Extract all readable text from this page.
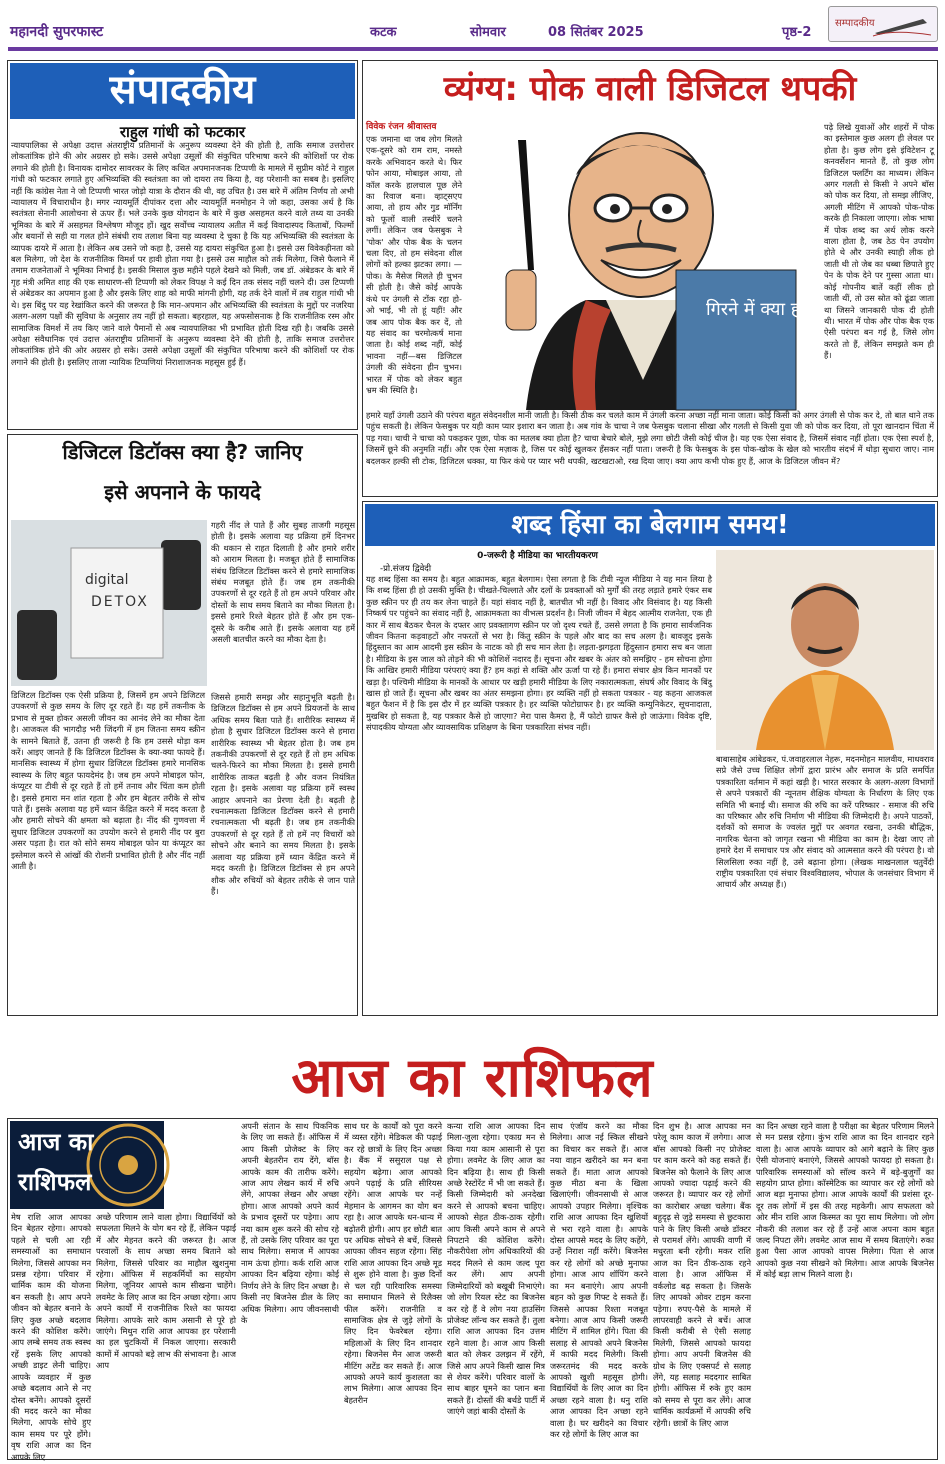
महानदी सुपरफास्ट	कटक	सोमवार	08 सितंबर 2025	पृष्ठ-2
सम्पादकीय
संपादकीय
राहुल गांधी को फटकार
न्यायपालिका से अपेक्षा उदात्त अंतराष्ट्रीय प्रतिमानों के अनुरूप व्यवस्था देने की होती है, ताकि समाज उत्तरोत्तर लोकतांत्रिक होने की ओर अग्रसर हो सके। उससे अपेक्षा उसूलों की संकुचित परिभाषा करने की कोशिशों पर रोक लगाने की होती है। विनायक दामोदर सावरकर के लिए कथित अपमानजनक टिप्पणी के मामले में सुप्रीम कोर्ट ने राहुल गांधी को फटकार लगाते हुए अभिव्यक्ति की स्वतंत्रता का जो दायरा तय किया है, वह परेशानी का सबब है। इसलिए नहीं कि कांग्रेस नेता ने जो टिप्पणी भारत जोड़ो यात्रा के दौरान की थी, वह उचित है। उस बारे में अंतिम निर्णय तो अभी न्यायालय में विचाराधीन है। मगर न्यायमूर्ति दीपांकर दत्ता और न्यायमूर्ति मनमोहन ने जो कहा, उसका अर्थ है कि स्वतंत्रता सेनानी आलोचना से ऊपर हैं। भले उनके कुछ योगदान के बारे में कुछ असहमत करने वाले तथ्य या उनकी भूमिका के बारे में असहमत विश्लेषण मौजूद हों। खुद सर्वोच्च न्यायालय अतीत में कई विवादास्पद किताबों, फिल्मों और बयानों से सही या गलत होने संबंधी राय तलाश बिना यह व्यवस्था दे चुका है कि यह अभिव्यक्ति की स्वतंत्रता के व्यापक दायरे में आता है। लेकिन अब उसने जो कहा है, उससे यह दायरा संकुचित हुआ है। इससे उस विवेकहीनता को बल मिलेगा, जो देश के राजनीतिक विमर्श पर हावी होता गया है। इससे उस माहौल को तर्क मिलेगा, जिसे फैलाने में तमाम राजनेताओं ने भूमिका निभाई है। इसकी मिसाल कुछ महीने पहले देखने को मिली, जब डॉ. अंबेडकर के बारे में गृह मंत्री अमित शाह की एक साधारण-सी टिप्पणी को लेकर विपक्ष ने कई दिन तक संसद नहीं चलने दी। उस टिप्पणी से अंबेडकर का अपमान हुआ है और इसके लिए शाह को माफी मांगनी होगी, यह तर्क देने वालों में तब राहुल गांधी भी थे। इस बिंदु पर यह रेखांकित करने की जरूरत है कि मान-अपमान और अभिव्यक्ति की स्वतंत्रता के मुद्दों पर नजरिया अलग-अलग पक्षों की सुविधा के अनुसार तय नहीं हो सकता। बहरहाल, यह अफसोसनाक है कि राजनीतिक रस्म और सामाजिक विमर्श में तय किए जाने वाले पैमानों से अब न्यायपालिका भी प्रभावित होती दिख रही है। जबकि उससे अपेक्षा संवैधानिक एवं उदात्त अंतराष्ट्रीय प्रतिमानों के अनुरूप व्यवस्था देने की होती है, ताकि समाज उत्तरोत्तर लोकतांत्रिक होने की ओर अग्रसर हो सके। उससे अपेक्षा उसूलों की संकुचित परिभाषा करने की कोशिशों पर रोक लगाने की होती है। इसलिए ताजा न्यायिक टिप्पणियां निराशाजनक महसूस हुई हैं।
व्यंग्य: पोक वाली डिजिटल थपकी
विवेक रंजन श्रीवास्तव
एक जमाना था जब लोग मिलते एक-दूसरे को राम राम, नमस्ते करके अभिवादन करते थे। फिर फोन आया, मोबाइल आया, तो कॉल करके हालचाल पूछ लेने का रिवाज बना। व्हाट्सएप आया, तो हाय और गुड मॉर्निंग को फूलों वाली तस्वीरें चलने लगीं। लेकिन जब फेसबुक ने 'पोक' और पोक बैक के चलन चला दिए, तो हम संवेदना शील लोगों को हल्का झटका लगा। —पोक। के मैसेज मिलते ही चुभन सी होती है। जैसे कोई आपके कंधे पर उंगली से टोंक रहा हो- ओ भाई, भी तो हूं यहीं! और जब आप पोक बैक कर दें, तो यह संवाद का चरमोत्कर्ष माना जाता है। कोई शब्द नहीं, कोई भावना नहीं—बस डिजिटल उंगली की संवेदना हीन चुभन। भारत में पोक को लेकर बहुत भ्रम की स्थिति है।
गिरने में क्या हर्ज़ है
पढ़े लिखे युवाओं और शहरों में पोक का इस्तेमाल कुछ अलग ही लेवल पर होता है। कुछ लोग इसे इंविटेशन टू कनवर्सेशन मानते हैं, तो कुछ लोग डिजिटल फ्लर्टिंग का माध्यम। लेकिन अगर गलती से किसी ने अपने बॉस को पोक कर दिया, तो समझ लीजिए, अगली मीटिंग में आपको पोक-पोक करके ही निकाला जाएगा। लोक भाषा में पोक शब्द का अर्थ लोक करने वाला होता है, जब ठेठ पेन उपयोग होते थे और उनकी स्याही लीक हो जाती थी तो जेब का धब्बा छिपाते हुए पेन के पोक देने पर गुस्सा आता था। कोई गोपनीय बातें कहीं लीक हो जाती थीं, तो उस स्रोत को ढूंढा जाता था जिसने जानकारी पोक दी होती थी। भारत में पोक और पोक बैक एक ऐसी परंपरा बन गई है, जिसे लोग करते तो हैं, लेकिन समझते कम ही हैं।
हमारे यहाँ उंगली उठाने की परंपरा बहुत संवेदनशील मानी जाती है। किसी ठीक कर चलते काम में उंगली करना अच्छा नहीं माना जाता। कोई किसी को अगर उंगली से पोक कर दे, तो बात थाने तक पहुंच सकती है। लेकिन फेसबुक पर यही काम प्यार इशारा बन जाता है। अब गांव के चाचा ने जब फेसबुक चलाना सीखा और गलती से किसी युवा जी को पोक कर दिया, तो पूरा खानदान चिंता में पड़ गया। चाची ने चाचा को पकड़कर पूछा, पोक का मतलब क्या होता है? चाचा बेचारे बोले, मुझे लगा छोटी जैसी कोई चीज है। यह एक ऐसा संवाद है, जिसमें संवाद नहीं होता। एक ऐसा स्पर्श है, जिसमें छूने की अनुमति नहीं। और एक ऐसा मज़ाक है, जिस पर कोई खुलकर हँसकर नहीं पाता। जरूरी है कि फेसबुक के इस पोक-खोक के खेल को भारतीय संदर्भ में थोड़ा सुधारा जाए। नाम बदलकर हल्की सी टोक, डिजिटल धक्का, या फिर कंधे पर प्यार भरी थपकी, खटखटाओ, रख दिया जाए। क्या आप कभी पोक हुए हैं, आज के डिजिटल जीवन में?
डिजिटल डिटॉक्स क्या है? जानिए
इसे अपनाने के फायदे
digital
DETOX
गहरी नींद ले पाते हैं और सुबह ताजगी महसूस होती है। इसके अलावा यह प्रक्रिया हमें दिनभर की थकान से राहत दिलाती है और हमारे शरीर को आराम मिलता है। मजबूत होते हैं सामाजिक संबंध डिजिटल डिटॉक्स करने से हमारे सामाजिक संबंध मजबूत होते हैं। जब हम तकनीकी उपकरणों से दूर रहते हैं तो हम अपने परिवार और दोस्तों के साथ समय बिताने का मौका मिलता है। इससे हमारे रिश्ते बेहतर होते हैं और हम एक-दूसरे के करीब आते हैं। इसके अलावा यह हमें असली बातचीत करने का मौका देता है।
डिजिटल डिटॉक्स एक ऐसी प्रक्रिया है, जिसमें हम अपने डिजिटल उपकरणों से कुछ समय के लिए दूर रहते हैं। यह हमें तकनीक के प्रभाव से मुक्त होकर असली जीवन का आनंद लेने का मौका देता है। आजकल की भागदौड़ भरी जिंदगी में हम जितना समय स्क्रीन के सामने बिताते हैं, उतना ही जरूरी है कि हम उससे थोड़ा कम करें। आइए जानते हैं कि डिजिटल डिटॉक्स के क्या-क्या फायदे हैं। मानसिक स्वास्थ्य में होगा सुधार डिजिटल डिटॉक्स हमारे मानसिक स्वास्थ्य के लिए बहुत फायदेमंद है। जब हम अपने मोबाइल फोन, कंप्यूटर या टीवी से दूर रहते हैं तो हमें तनाव और चिंता कम होती है। इससे हमारा मन शांत रहता है और हम बेहतर तरीके से सोच पाते हैं। इसके अलावा यह हमें ध्यान केंद्रित करने में मदद करता है और हमारी सोचने की क्षमता को बढ़ाता है। नींद की गुणवत्ता में सुधार डिजिटल उपकरणों का उपयोग करने से हमारी नींद पर बुरा असर पड़ता है। रात को सोने समय मोबाइल फोन या कंप्यूटर का इस्तेमाल करने से आंखों की रोशनी प्रभावित होती है और नींद नहीं आती है।
जिससे हमारी समझ और सहानुभूति बढ़ती है। डिजिटल डिटॉक्स से हम अपने प्रियजनों के साथ अधिक समय बिता पाते हैं। शारीरिक स्वास्थ्य में होता है सुधार डिजिटल डिटॉक्स करने से हमारा शारीरिक स्वास्थ्य भी बेहतर होता है। जब हम तकनीकी उपकरणों से दूर रहते हैं तो हम अधिक चलने-फिरने का मौका मिलता है। इससे हमारी शारीरिक ताकत बढ़ती है और वजन नियंत्रित रहता है। इसके अलावा यह प्रक्रिया हमें स्वस्थ आहार अपनाने का प्रेरणा देती है। बढ़ती है रचनात्मकता डिजिटल डिटॉक्स करने से हमारी रचनात्मकता भी बढ़ती है। जब हम तकनीकी उपकरणों से दूर रहते हैं तो हमें नए विचारों को सोचने और बनाने का समय मिलता है। इसके अलावा यह प्रक्रिया हमें ध्यान केंद्रित करने में मदद करती है। डिजिटल डिटॉक्स से हम अपने शौक और रुचियों को बेहतर तरीके से जान पाते हैं।
शब्द हिंसा का बेलगाम समय!
0-जरूरी है मीडिया का भारतीयकरण
-प्रो.संजय द्विवेदी
यह शब्द हिंसा का समय है। बहुत आक्रामक, बहुत बेलगाम। ऐसा लगता है कि टीवी न्यूज मीडिया ने यह मान लिया है कि शब्द हिंसा ही हो उसकी मुक्ति है। चीखते-चिल्लाते और दलों के प्रवक्ताओं को मुर्गों की तरह लड़ाते हमारे एंकर सब कुछ स्क्रीन पर ही तय कर लेना चाहते हैं। यहां संवाद नहीं है, बातचीत भी नहीं है। विवाद और विसंवाद है। यह किसी निष्कर्ष पर पहुंचने का संवाद नहीं है, आक्रामकता का वीभत्स प्रदर्शन है। निजी जीवन में बेहद आत्मीय राजनेता, एक ही कार में साथ बैठकर चैनल के दफ्तर आए प्रवक्तागण स्क्रीन पर जो दृश्य रचते हैं, उससे लगता है कि हमारा सार्वजनिक जीवन कितना कड़वाहटों और नफरतों से भरा है। किंतु स्क्रीन के पहले और बाद का सच अलग है। बावजूद इसके हिंदुस्तान का आम आदमी इस स्क्रीन के नाटक को ही सच मान लेता है। लड़ता-झगड़ता हिंदुस्तान हमारा सच बन जाता है। मीडिया के इस जाल को तोड़ने की भी कोशिशें नदारद हैं। सूचना और खबर के अंतर को समझिए - हम सोचना होगा कि आखिर हमारी मीडिया परंपराएं क्या हैं? हम कहां से शक्ति और ऊर्जा पा रहे हैं। हमारा संचार क्षेत्र किन मानकों पर खड़ा है। पश्चिमी मीडिया के मानकों के आधार पर खड़ी हमारी मीडिया के लिए नकारात्मकता, संघर्ष और विवाद के बिंदु खास हो जाते हैं। सूचना और खबर का अंतर समझना होगा। हर व्यक्ति नहीं हो सकता पत्रकार - यह कहना आजकल बहुत फैशन में है कि इस दौर में हर व्यक्ति पत्रकार है। हर व्यक्ति फोटोग्राफर है। हर व्यक्ति कम्युनिकेटर, सूचनादाता, मुखबिर हो सकता है, यह पत्रकार कैसे हो जाएगा? मेरा पास कैमरा है, मैं फोटो ग्राफर कैसे हो जाऊंगा। विवेक दृष्टि, संपादकीय योग्यता और व्यावसायिक प्रशिक्षण के बिना पत्रकारिता संभव नहीं।
बाबासाहेब आंबेडकर, पं.जवाहरलाल नेहरू, मदनमोहन मालवीय, माधवराव सप्रे जैसे उच्च शिक्षित लोगों द्वारा प्रारंभ और समाज के प्रति समर्पित पत्रकारिता वर्तमान में कहां खड़ी है। भारत सरकार के अलग-अलग विभागों से अपने पत्रकारों की न्यूनतम शैक्षिक योग्यता के निर्धारण के लिए एक समिति भी बनाई थी। समाज की रुचि का करें परिष्कार - समाज की रुचि का परिष्कार और रुचि निर्माण भी मीडिया की जिम्मेदारी है। अपने पाठकों, दर्शकों को समाज के ज्वलंत मुद्दों पर अवगत रखना, उनकी बौद्धिक, नागरिक चेतना को जागृत रखना भी मीडिया का काम है। देखा जाए तो हमारे देश में समाचार पत्र और संवाद को आत्मसात करने की परंपरा है। वो सिलसिला रुका नहीं है, उसे बढ़ाना होगा। (लेखक माखनलाल चतुर्वेदी राष्ट्रीय पत्रकारिता एवं संचार विश्वविद्यालय, भोपाल के जनसंचार विभाग में आचार्य और अध्यक्ष हैं।)
आज का राशिफल
आज का
राशिफल
मेष राशि आज आपका दिन बेहतर रहेगा। आपको पहले से चली आ रही समस्याओं का समाधान मिलेगा, जिससे आपका मन प्रसन्न रहेगा। परिवार में धार्मिक काम की योजना बन सकती है। आप अपने जीवन को बेहतर बनाने के लिए कुछ अच्छे बदलाव करने की कोशिश करेंगे। आप लम्बे समय तक स्वस्थ रहें इसके लिए आपको अच्छी डाइट लेनी चाहिए। आपके व्यवहार में कुछ अच्छे बदलाव आने से नए दोस्त बनेंगे। आपको दूसरों की मदद करने का मौका मिलेगा, आपके सोचे हुए काम समय पर पूरे होंगे। वृष राशि आज का दिन आपके लिए
अच्छे परिणाम लाने वाला होगा। विद्यार्थियों को सफलता मिलने के योग बन रहे हैं, लेकिन पढ़ाई में और मेहनत करने की जरूरत है। आज परवालों के साथ अच्छा समय बिताने को मिलेगा, जिससे परिवार का माहौल खुशनुमा रहेगा। ऑफिस में सहकर्मियों का सहयोग मिलेगा, जूनियर आपसे काम सीखना चाहेंगे। लवमेट के लिए आज का दिन अच्छा रहेगा। आप अपने कार्यों में राजनीतिक रिश्ते का फायदा मिलेगा। आपके सारे काम असानी से पूरे हो जाएंगे। मिथुन राशि आज आपका हर परेशानी का हल चुटकियों में निकल जाएगा। सरकारी कामों में आपको बड़े लाभ की संभावना है। आज आप
अपनी संतान के साथ पिकनिक के लिए जा सकते हैं। ऑफिस में आप किसी प्रोजेक्ट के लिए अपनी बेहतरीन राय देंगे, बॉस आपके काम की तारीफ करेंगे। आज आप लेखन कार्य में रुचि लेंगे, आपका लेखन और अच्छा होगा। आज आपको अपने कार्य के प्रभाव दूसरों पर पड़ेगा। आप नया काम शुरू करने की सोच रहे हैं, तो उसके लिए परिवार का पूरा साथ मिलेगा। समाज में आपका नाम ऊंचा होगा। कर्क राशि आज आपका दिन बढ़िया रहेगा। कोई निर्णय लेने के लिए दिन अच्छा है। किसी नए बिजनेस डील के लिए अधिक मिलेगा। आप जीवनसाथी के
साथ घर के कार्यों को पूरा करने में व्यस्त रहेंगे। मेडिकल की पढ़ाई कर रहे छात्रों के लिए दिन अच्छा है। बैंक में ससुराल पक्ष से सहयोग बढ़ेगा। आज आपको अपने पढ़ाई के प्रति सीरियस रहेंगे। आज आपके घर नन्हें मेहमान के आगमन का योग बन रहा है। आज आपके धन-धान्य में बढ़ोतरी होगी। आप हर छोटी बात पर अधिक सोचने से बचें, जिससे आपका जीवन सहज रहेगा। सिंह राशि आज आपका दिन अच्छे मूड से शुरू होने वाला है। कुछ दिनों से चल रही पारिवारिक समस्या का समाधान मिलने से रिलैक्स फील करेंगे। राजनीति व सामाजिक क्षेत्र से जुड़े लोगों के लिए दिन फेवरेबल रहेगा। महिलाओं के लिए दिन शानदार रहेगा। बिजनेस मैन आज जरूरी मीटिंग अटेंड कर सकते हैं। आज आपको अपने कार्य कुशलता का लाभ मिलेगा। आज आपका दिन बेहतरीन
कन्या राशि आज आपका दिन मिला-जुला रहेगा। एकाग्र मन से किया गया काम आसानी से पूरा होगा। लवमेट के लिए आज का दिन बढ़िया है। साथ ही किसी अच्छे रेस्टोरेंट में भी जा सकते हैं। किसी जिम्मेदारी को अनदेखा करने से आपको बचना चाहिए। आपको सेहत ठीक-ठाक रहेगी। आप किसी अपने काम से अपने निपटाने की कोशिश करेंगे। नौकरीपेशा लोग अधिकारियों की मदद मिलने से काम जल्द पूरा कर लेंगे। आप अपनी जिम्मेदारियों को बखूबी निभाएंगे। जो लोग रियल स्टेट का बिजनेस कर रहे हैं वे लोग नया हाउसिंग प्रोजेक्ट लॉन्च कर सकते हैं। तुला राशि आज आपका दिन उत्तम रहने वाला है। आज आप किसी बात को लेकर उलझन में रहेंगे, जिसे आप अपने किसी खास मित्र से शेयर करेंगे। परिवार वालों के साथ बाहर घूमने का प्लान बना सकते हैं। दोस्तों की बर्थडे पार्टी में जाएंगे जहां बाकी दोस्तों के
साथ एंजॉय करने का मौका मिलेगा। आज नई स्किल सीखने का विचार कर सकते हैं। आज नया वाहन खरीदने का मन बना सकते हैं। माता आज आपको कुछ मीठा बना के खिला खिलाएंगी। जीवनसाथी से आज आपको उपहार मिलेगा। वृश्चिक राशि आज आपका दिन खुशियों से भरा रहने वाला है। आपके दोस्त आपसे मदद के लिए कहेंगे, उन्हें निराश नहीं करेंगे। बिजनेस कर रहे लोगों को अच्छे मुनाफा होगा। आज आप शॉपिंग करने का मन बनाएंगे। आप अपनी बहन को कुछ गिफ्ट दे सकते हैं। जिससे आपका रिश्ता मजबूत बनेगा। आज आप किसी जरूरी मीटिंग में शामिल होंगे। पिता की सलाह से आपको अपने बिजनेस में काफी मदद मिलेगी। किसी जरूरतमंद की मदद करके आपको खुशी महसूस होगी। विद्यार्थियों के लिए आज का दिन अच्छा रहने वाला है। धनु राशि आज आपका दिन अच्छा रहने वाला है। घर खरीदने का विचार कर रहे लोगों के लिए आज का
दिन शुभ है। आज आपका मन परेलू काम काज में लगेगा। आज बॉस आपको किसी नए प्रोजेक्ट पर काम करने को कह सकते हैं। बिजनेस को फैलाने के लिए आज आपको ज्यादा पढ़ाई करने की जरूरत है। व्यापार कर रहे लोगों का कारोबार अच्छा चलेगा। बैंक बहुदृढ़ से जुड़े समस्या से छुटकारा पाने के लिए किसी अच्छे डॉक्टर से परामर्श लेंगे। आपकी वाणी में मधुरता बनी रहेगी। मकर राशि आज का दिन ठीक-ठाक रहने वाला है। आज ऑफिस में वर्कलोड बढ़ सकता है। जिसके लिए आपको ओवर टाइम करना पड़ेगा। रुपए-पैसे के मामले में लापरवाही करने से बचें। आज किसी करीबी से ऐसी सलाह मिलेगी, जिससे आपको फायदा होगा। आप अपनी बिजनेस की ग्रोथ के लिए एक्सपर्ट से सलाह लेंगे, यह सलाह मददगार साबित होगी। ऑफिस में रुके हुए काम को समय से पूरा कर लेंगे। आज धार्मिक कार्यक्रमों में आपकी रुचि रहेगी। छात्रों के लिए आज
का दिन अच्छा रहने वाला है परीक्षा का बेहतर परिणाम मिलने से मन प्रसन्न रहेगा। कुंभ राशि आज का दिन शानदार रहने वाला है। आज आपके व्यापार को आगे बढ़ाने के लिए कुछ ऐसी योजनाएं बनाएंगे, जिससे आपको फायदा हो सकता है। पारिवारिक समस्याओं को सॉल्व करने में बड़े-बुजुर्गों का सहयोग प्राप्त होगा। कॉस्मेटिक का व्यापार कर रहे लोगों को आज बड़ा मुनाफा होगा। आज आपके कार्यों की प्रशंसा दूर-दूर तक लोगों में इस की तरह महकेगी। आप सफलता को ओर मीन राशि आज किस्मत का पूरा साथ मिलेगा। जो लोग नौकरी की तलाश कर रहे हैं उन्हें आज अपना काम बहुत जल्द निपटा लेंगे। लवमेट आज साथ में समय बिताएंगे। रुका हुआ पैसा आज आपको वापस मिलेगा। पिता से आज आपको कुछ नया सीखने को मिलेगा। आज आपके बिजनेस में कोई बड़ा लाभ मिलने वाला है।
